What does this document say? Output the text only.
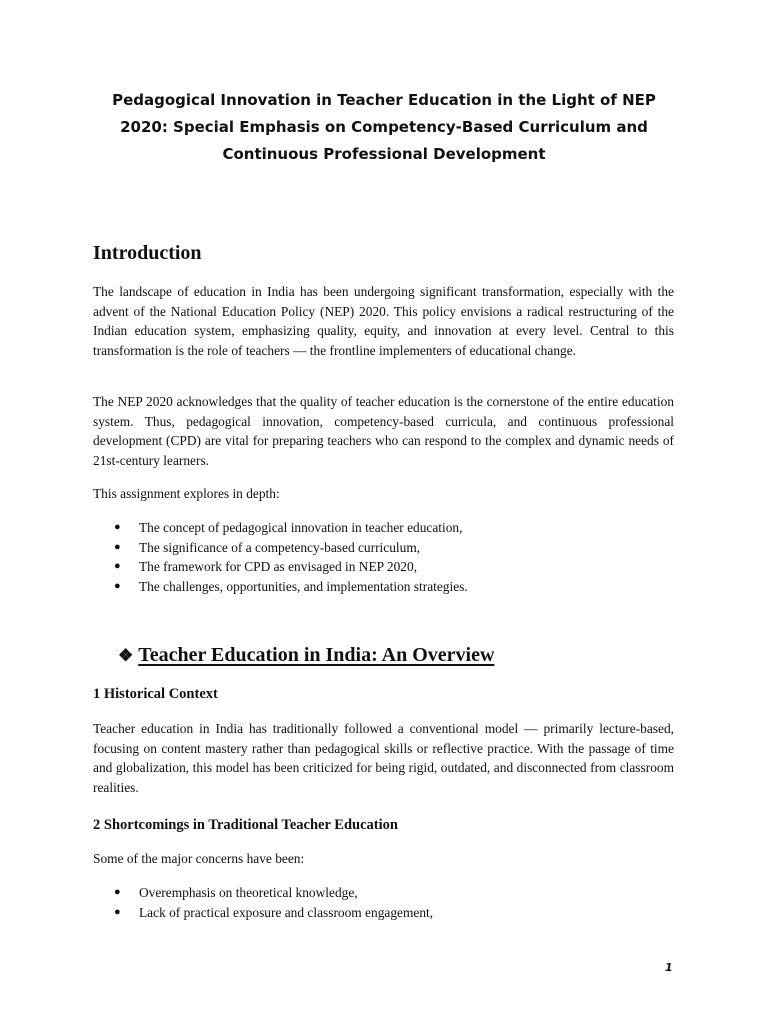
Pedagogical Innovation in Teacher Education in the Light of NEP
2020: Special Emphasis on Competency-Based Curriculum and
Continuous Professional Development
Introduction

The landscape of education in India has been undergoing significant transformation, especially with the advent of the National Education Policy (NEP) 2020. This policy envisions a radical restructuring of the Indian education system, emphasizing quality, equity, and innovation at every level. Central to this transformation is the role of teachers — the frontline implementers of educational change.

The NEP 2020 acknowledges that the quality of teacher education is the cornerstone of the entire education system. Thus, pedagogical innovation, competency-based curricula, and continuous professional development (CPD) are vital for preparing teachers who can respond to the complex and dynamic needs of 21st-century learners.

This assignment explores in depth:

● The concept of pedagogical innovation in teacher education,
● The significance of a competency-based curriculum,
● The framework for CPD as envisaged in NEP 2020,
● The challenges, opportunities, and implementation strategies.
❖ Teacher Education in India: An Overview
1 Historical Context

Teacher education in India has traditionally followed a conventional model — primarily lecture-based, focusing on content mastery rather than pedagogical skills or reflective practice. With the passage of time and globalization, this model has been criticized for being rigid, outdated, and disconnected from classroom realities.

2 Shortcomings in Traditional Teacher Education

Some of the major concerns have been:

● Overemphasis on theoretical knowledge,
● Lack of practical exposure and classroom engagement,
1
